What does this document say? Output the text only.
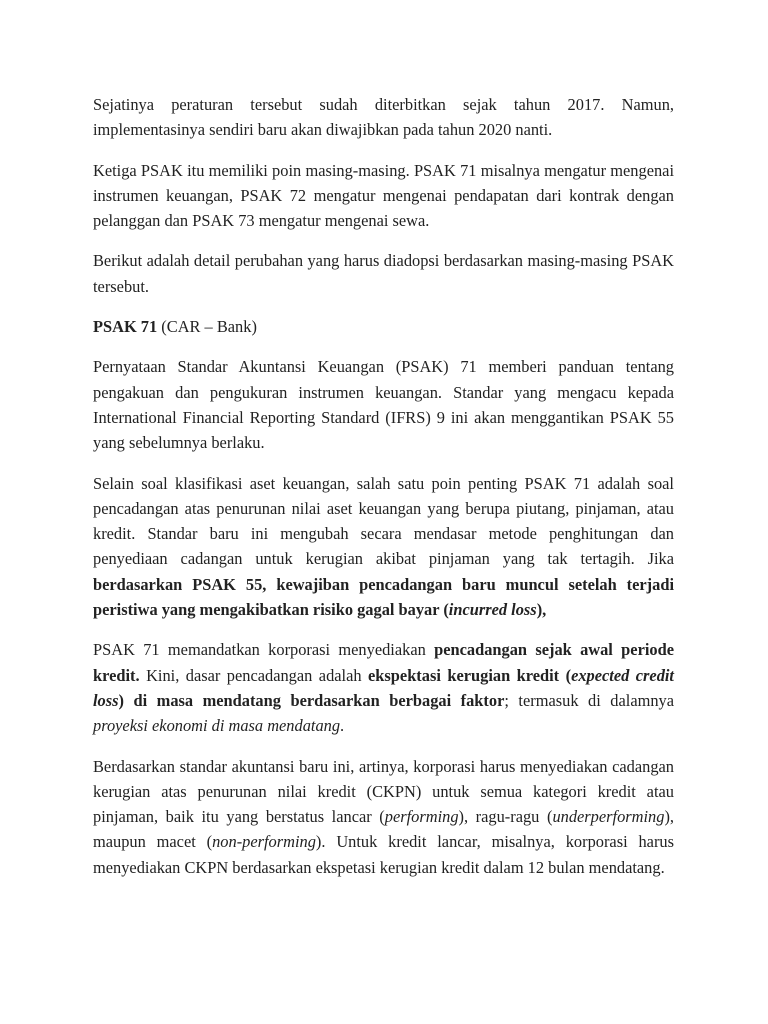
Sejatinya peraturan tersebut sudah diterbitkan sejak tahun 2017. Namun, implementasinya sendiri baru akan diwajibkan pada tahun 2020 nanti.

Ketiga PSAK itu memiliki poin masing-masing. PSAK 71 misalnya mengatur mengenai instrumen keuangan, PSAK 72 mengatur mengenai pendapatan dari kontrak dengan pelanggan dan PSAK 73 mengatur mengenai sewa.

Berikut adalah detail perubahan yang harus diadopsi berdasarkan masing-masing PSAK tersebut.

PSAK 71 (CAR – Bank)

Pernyataan Standar Akuntansi Keuangan (PSAK) 71 memberi panduan tentang pengakuan dan pengukuran instrumen keuangan. Standar yang mengacu kepada International Financial Reporting Standard (IFRS) 9 ini akan menggantikan PSAK 55 yang sebelumnya berlaku.

Selain soal klasifikasi aset keuangan, salah satu poin penting PSAK 71 adalah soal pencadangan atas penurunan nilai aset keuangan yang berupa piutang, pinjaman, atau kredit. Standar baru ini mengubah secara mendasar metode penghitungan dan penyediaan cadangan untuk kerugian akibat pinjaman yang tak tertagih. Jika berdasarkan PSAK 55, kewajiban pencadangan baru muncul setelah terjadi peristiwa yang mengakibatkan risiko gagal bayar (incurred loss),

PSAK 71 memandatkan korporasi menyediakan pencadangan sejak awal periode kredit. Kini, dasar pencadangan adalah ekspektasi kerugian kredit (expected credit loss) di masa mendatang berdasarkan berbagai faktor; termasuk di dalamnya proyeksi ekonomi di masa mendatang.

Berdasarkan standar akuntansi baru ini, artinya, korporasi harus menyediakan cadangan kerugian atas penurunan nilai kredit (CKPN) untuk semua kategori kredit atau pinjaman, baik itu yang berstatus lancar (performing), ragu-ragu (underperforming), maupun macet (non-performing). Untuk kredit lancar, misalnya, korporasi harus menyediakan CKPN berdasarkan ekspetasi kerugian kredit dalam 12 bulan mendatang.
